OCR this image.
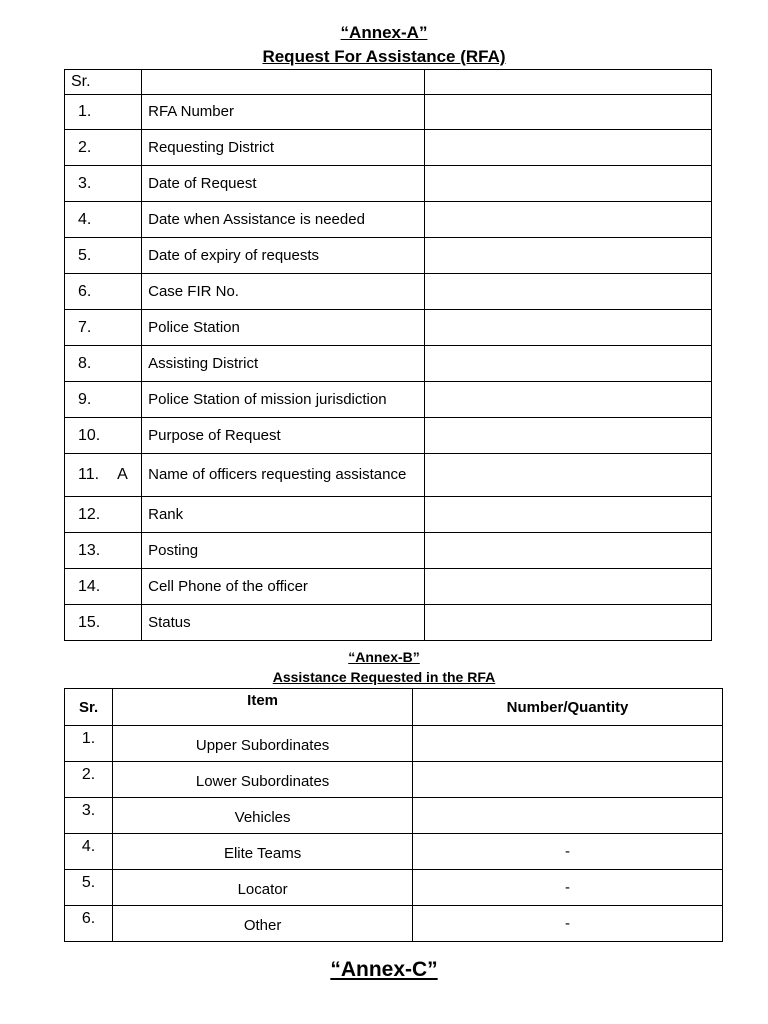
“Annex-A”
Request For Assistance (RFA)
Sr.		
1.	RFA Number	
2.	Requesting District	
3.	Date of Request	
4.	Date when Assistance is needed	
5.	Date of expiry of requests	
6.	Case FIR No.	
7.	Police Station	
8.	Assisting District	
9.	Police Station of mission jurisdiction	
10.	Purpose of Request	
11. A	Name of officers requesting assistance	
12.	Rank	
13.	Posting	
14.	Cell Phone of the officer	
15.	Status	
“Annex-B”
Assistance Requested in the RFA
Sr.	Item	Number/Quantity
1.	Upper Subordinates	
2.	Lower Subordinates	
3.	Vehicles	
4.	Elite Teams	-
5.	Locator	-
6.	Other	-
“Annex-C”
